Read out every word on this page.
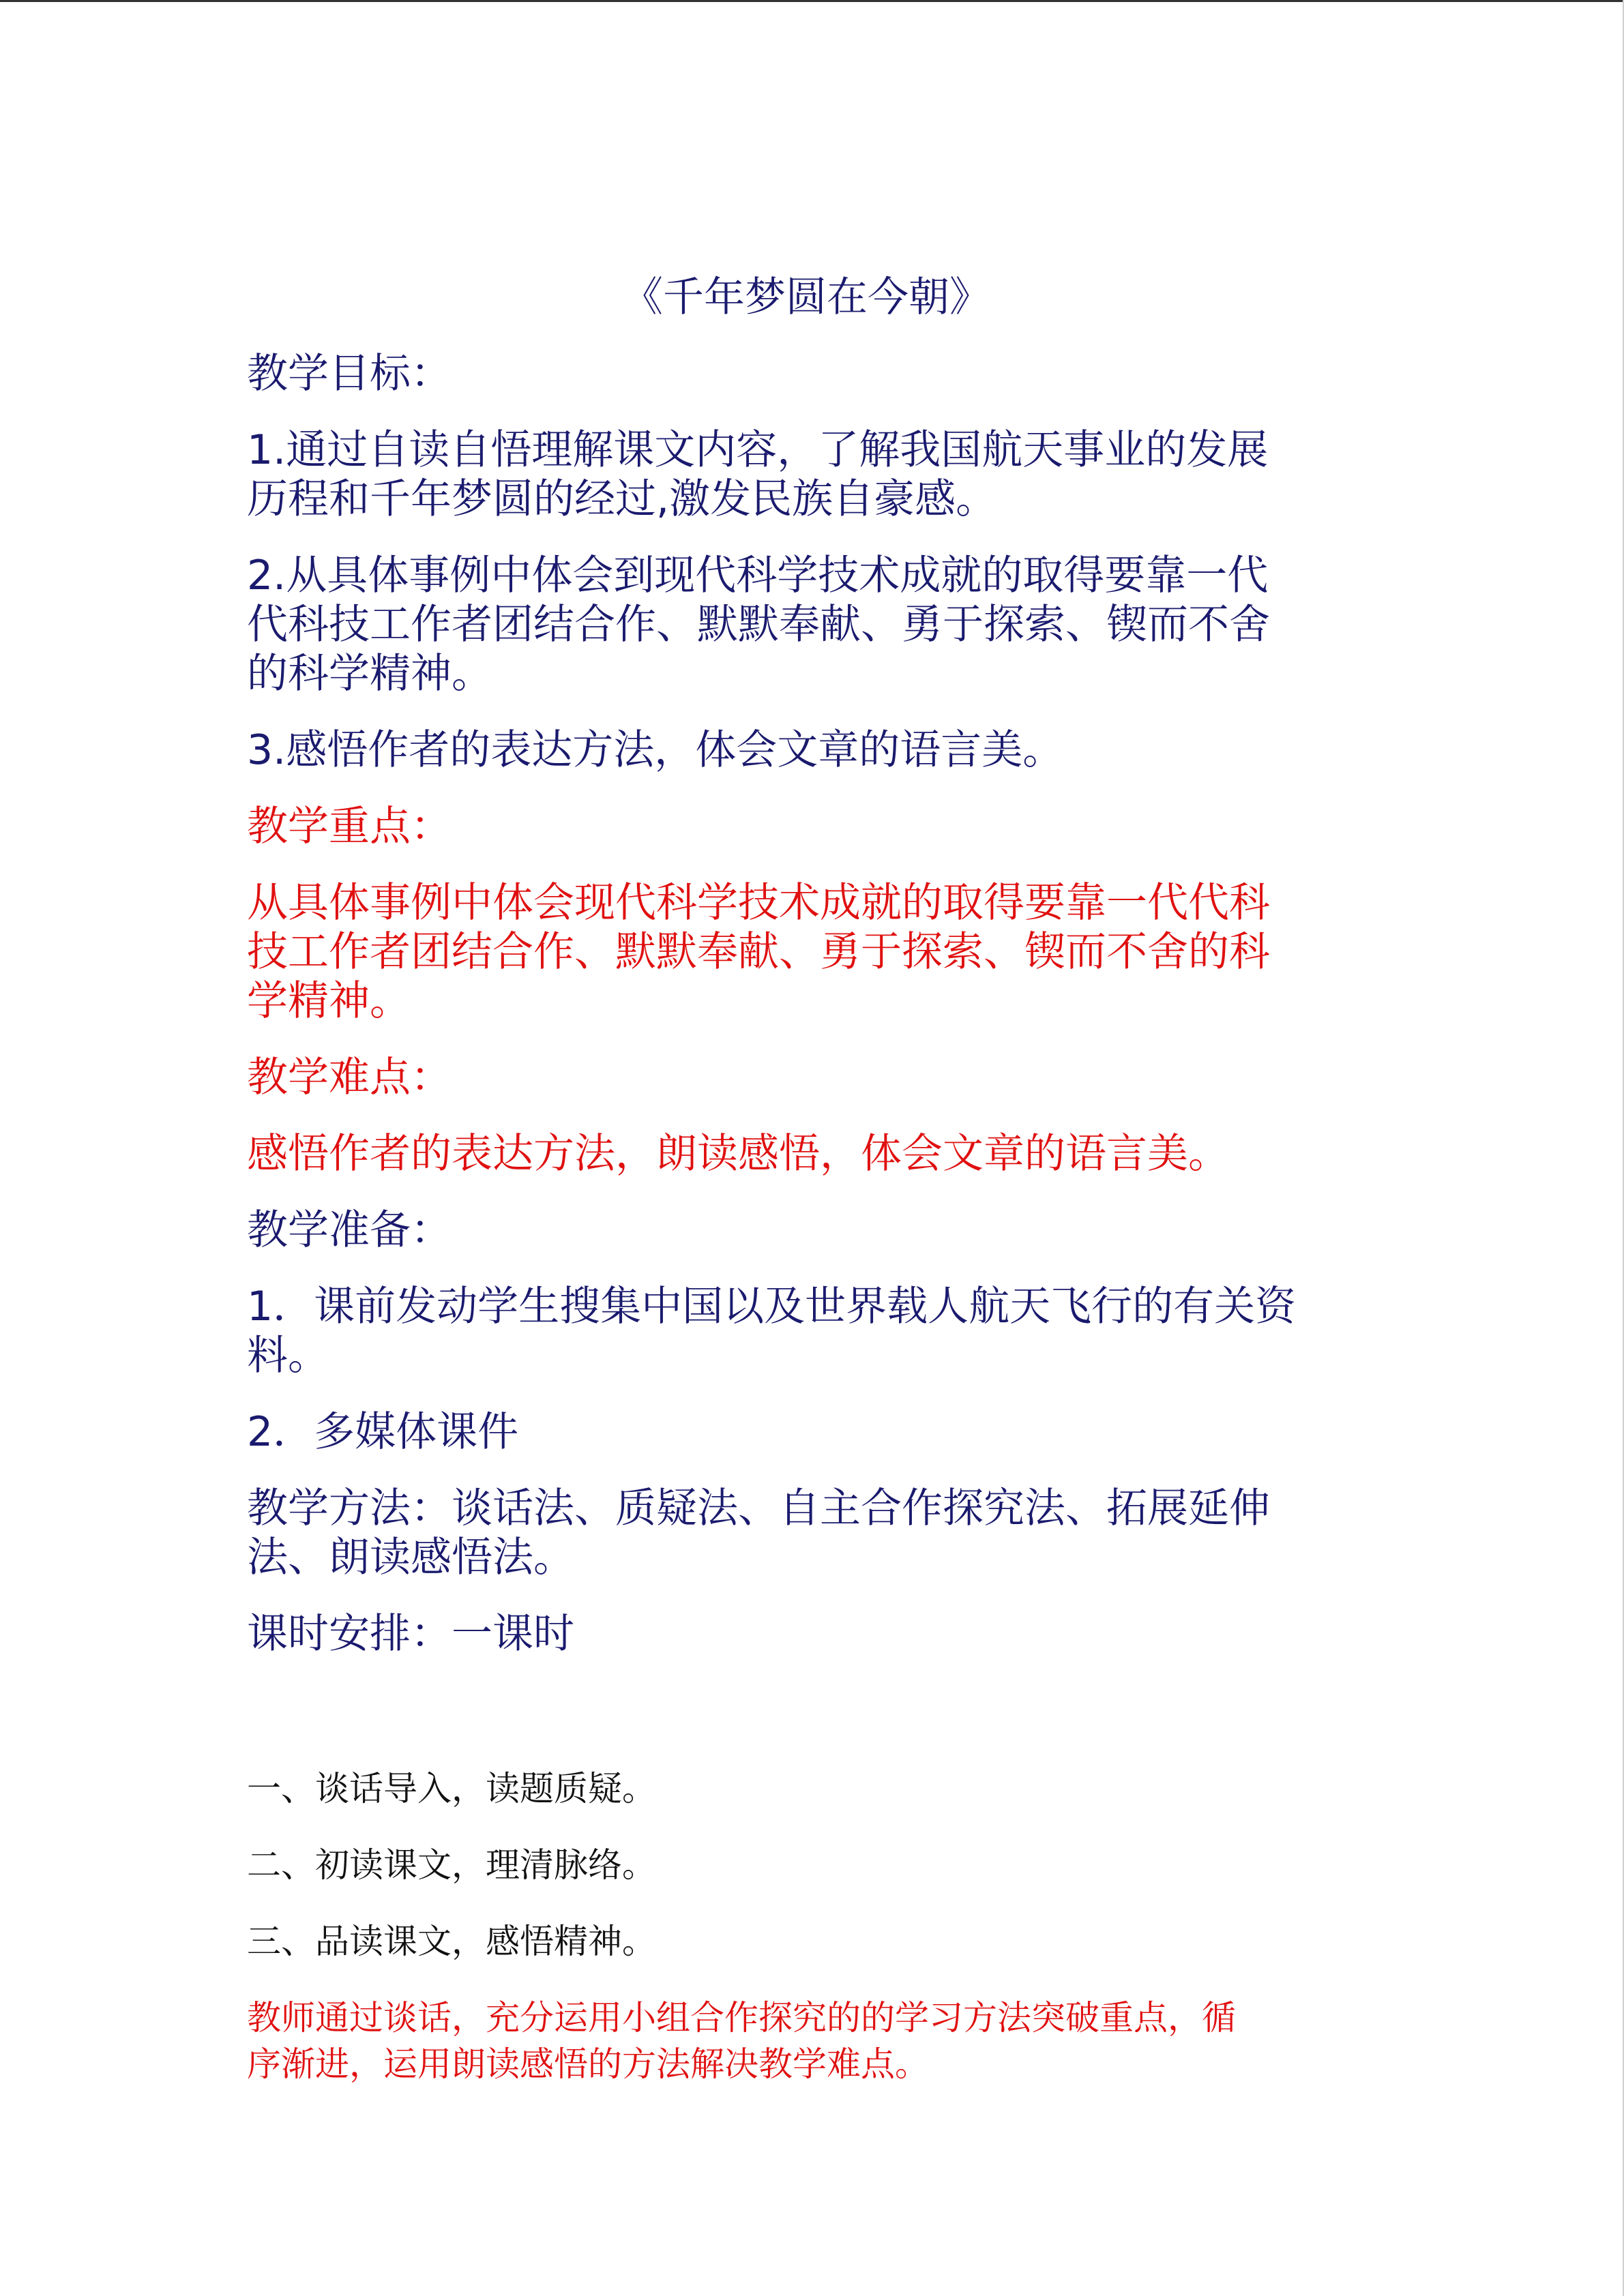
《千年梦圆在今朝》
教学目标：
1.通过自读自悟理解课文内容，了解我国航天事业的发展
历程和千年梦圆的经过,激发民族自豪感。
2.从具体事例中体会到现代科学技术成就的取得要靠一代
代科技工作者团结合作、默默奉献、勇于探索、锲而不舍
的科学精神。
3.感悟作者的表达方法，体会文章的语言美。
教学重点：
从具体事例中体会现代科学技术成就的取得要靠一代代科
技工作者团结合作、默默奉献、勇于探索、锲而不舍的科
学精神。
教学难点：
感悟作者的表达方法，朗读感悟，体会文章的语言美。
教学准备：
1．课前发动学生搜集中国以及世界载人航天飞行的有关资
料。
2．多媒体课件
教学方法：谈话法、质疑法、自主合作探究法、拓展延伸
法、朗读感悟法。
课时安排：一课时
一、谈话导入，读题质疑。
二、初读课文，理清脉络。
三、品读课文，感悟精神。
教师通过谈话，充分运用小组合作探究的的学习方法突破重点，循
序渐进，运用朗读感悟的方法解决教学难点。
